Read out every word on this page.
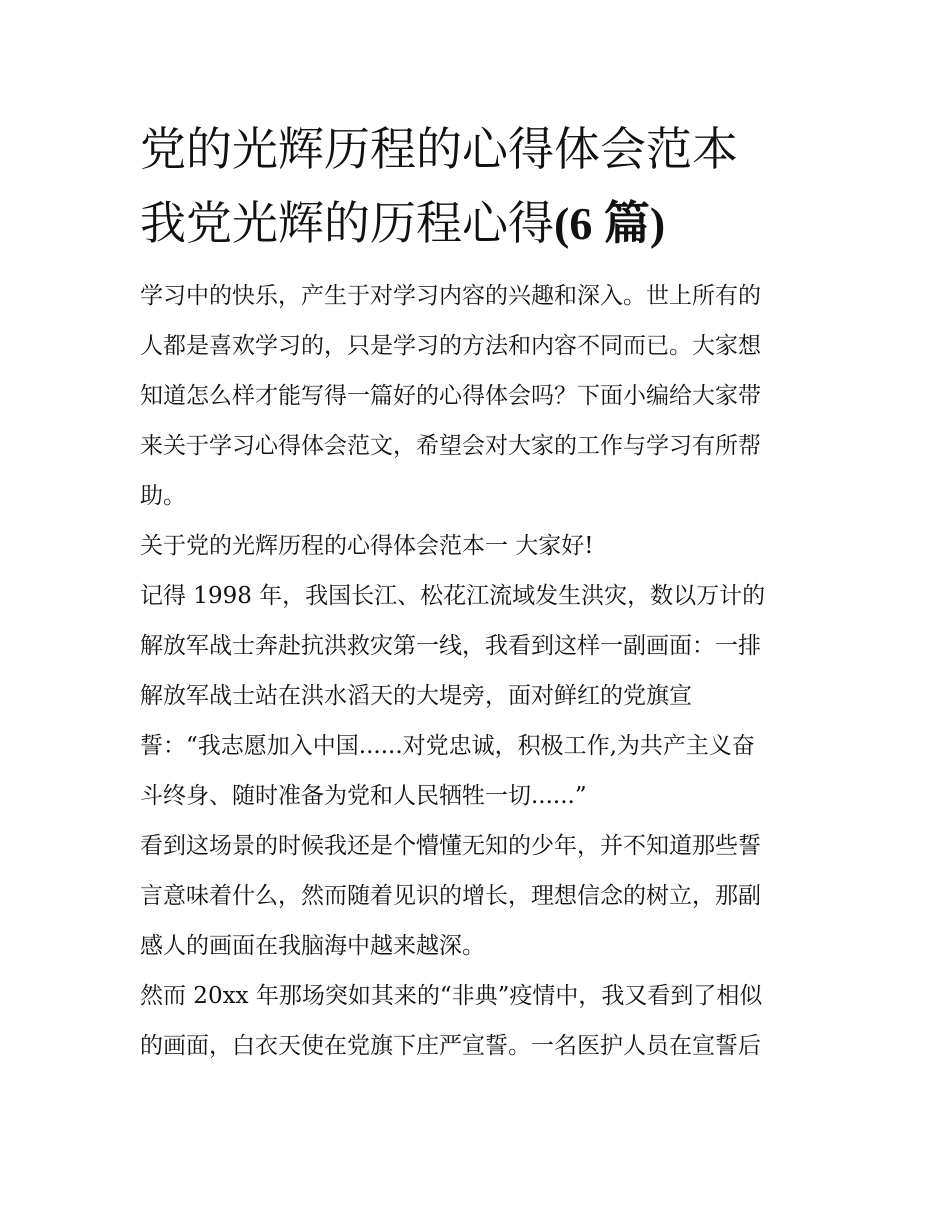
党的光辉历程的心得体会范本
我党光辉的历程心得(6 篇)
学习中的快乐，产生于对学习内容的兴趣和深入。世上所有的
人都是喜欢学习的，只是学习的方法和内容不同而已。大家想
知道怎么样才能写得一篇好的心得体会吗？下面小编给大家带
来关于学习心得体会范文，希望会对大家的工作与学习有所帮
助。
关于党的光辉历程的心得体会范本一 大家好!
记得 1998 年，我国长江、松花江流域发生洪灾，数以万计的
解放军战士奔赴抗洪救灾第一线，我看到这样一副画面：一排
解放军战士站在洪水滔天的大堤旁，面对鲜红的党旗宣
誓：“我志愿加入中国......对党忠诚，积极工作,为共产主义奋
斗终身、随时准备为党和人民牺牲一切......”
看到这场景的时候我还是个懵懂无知的少年，并不知道那些誓
言意味着什么，然而随着见识的增长，理想信念的树立，那副
感人的画面在我脑海中越来越深。
然而 20xx 年那场突如其来的“非典”疫情中，我又看到了相似
的画面，白衣天使在党旗下庄严宣誓。一名医护人员在宣誓后
